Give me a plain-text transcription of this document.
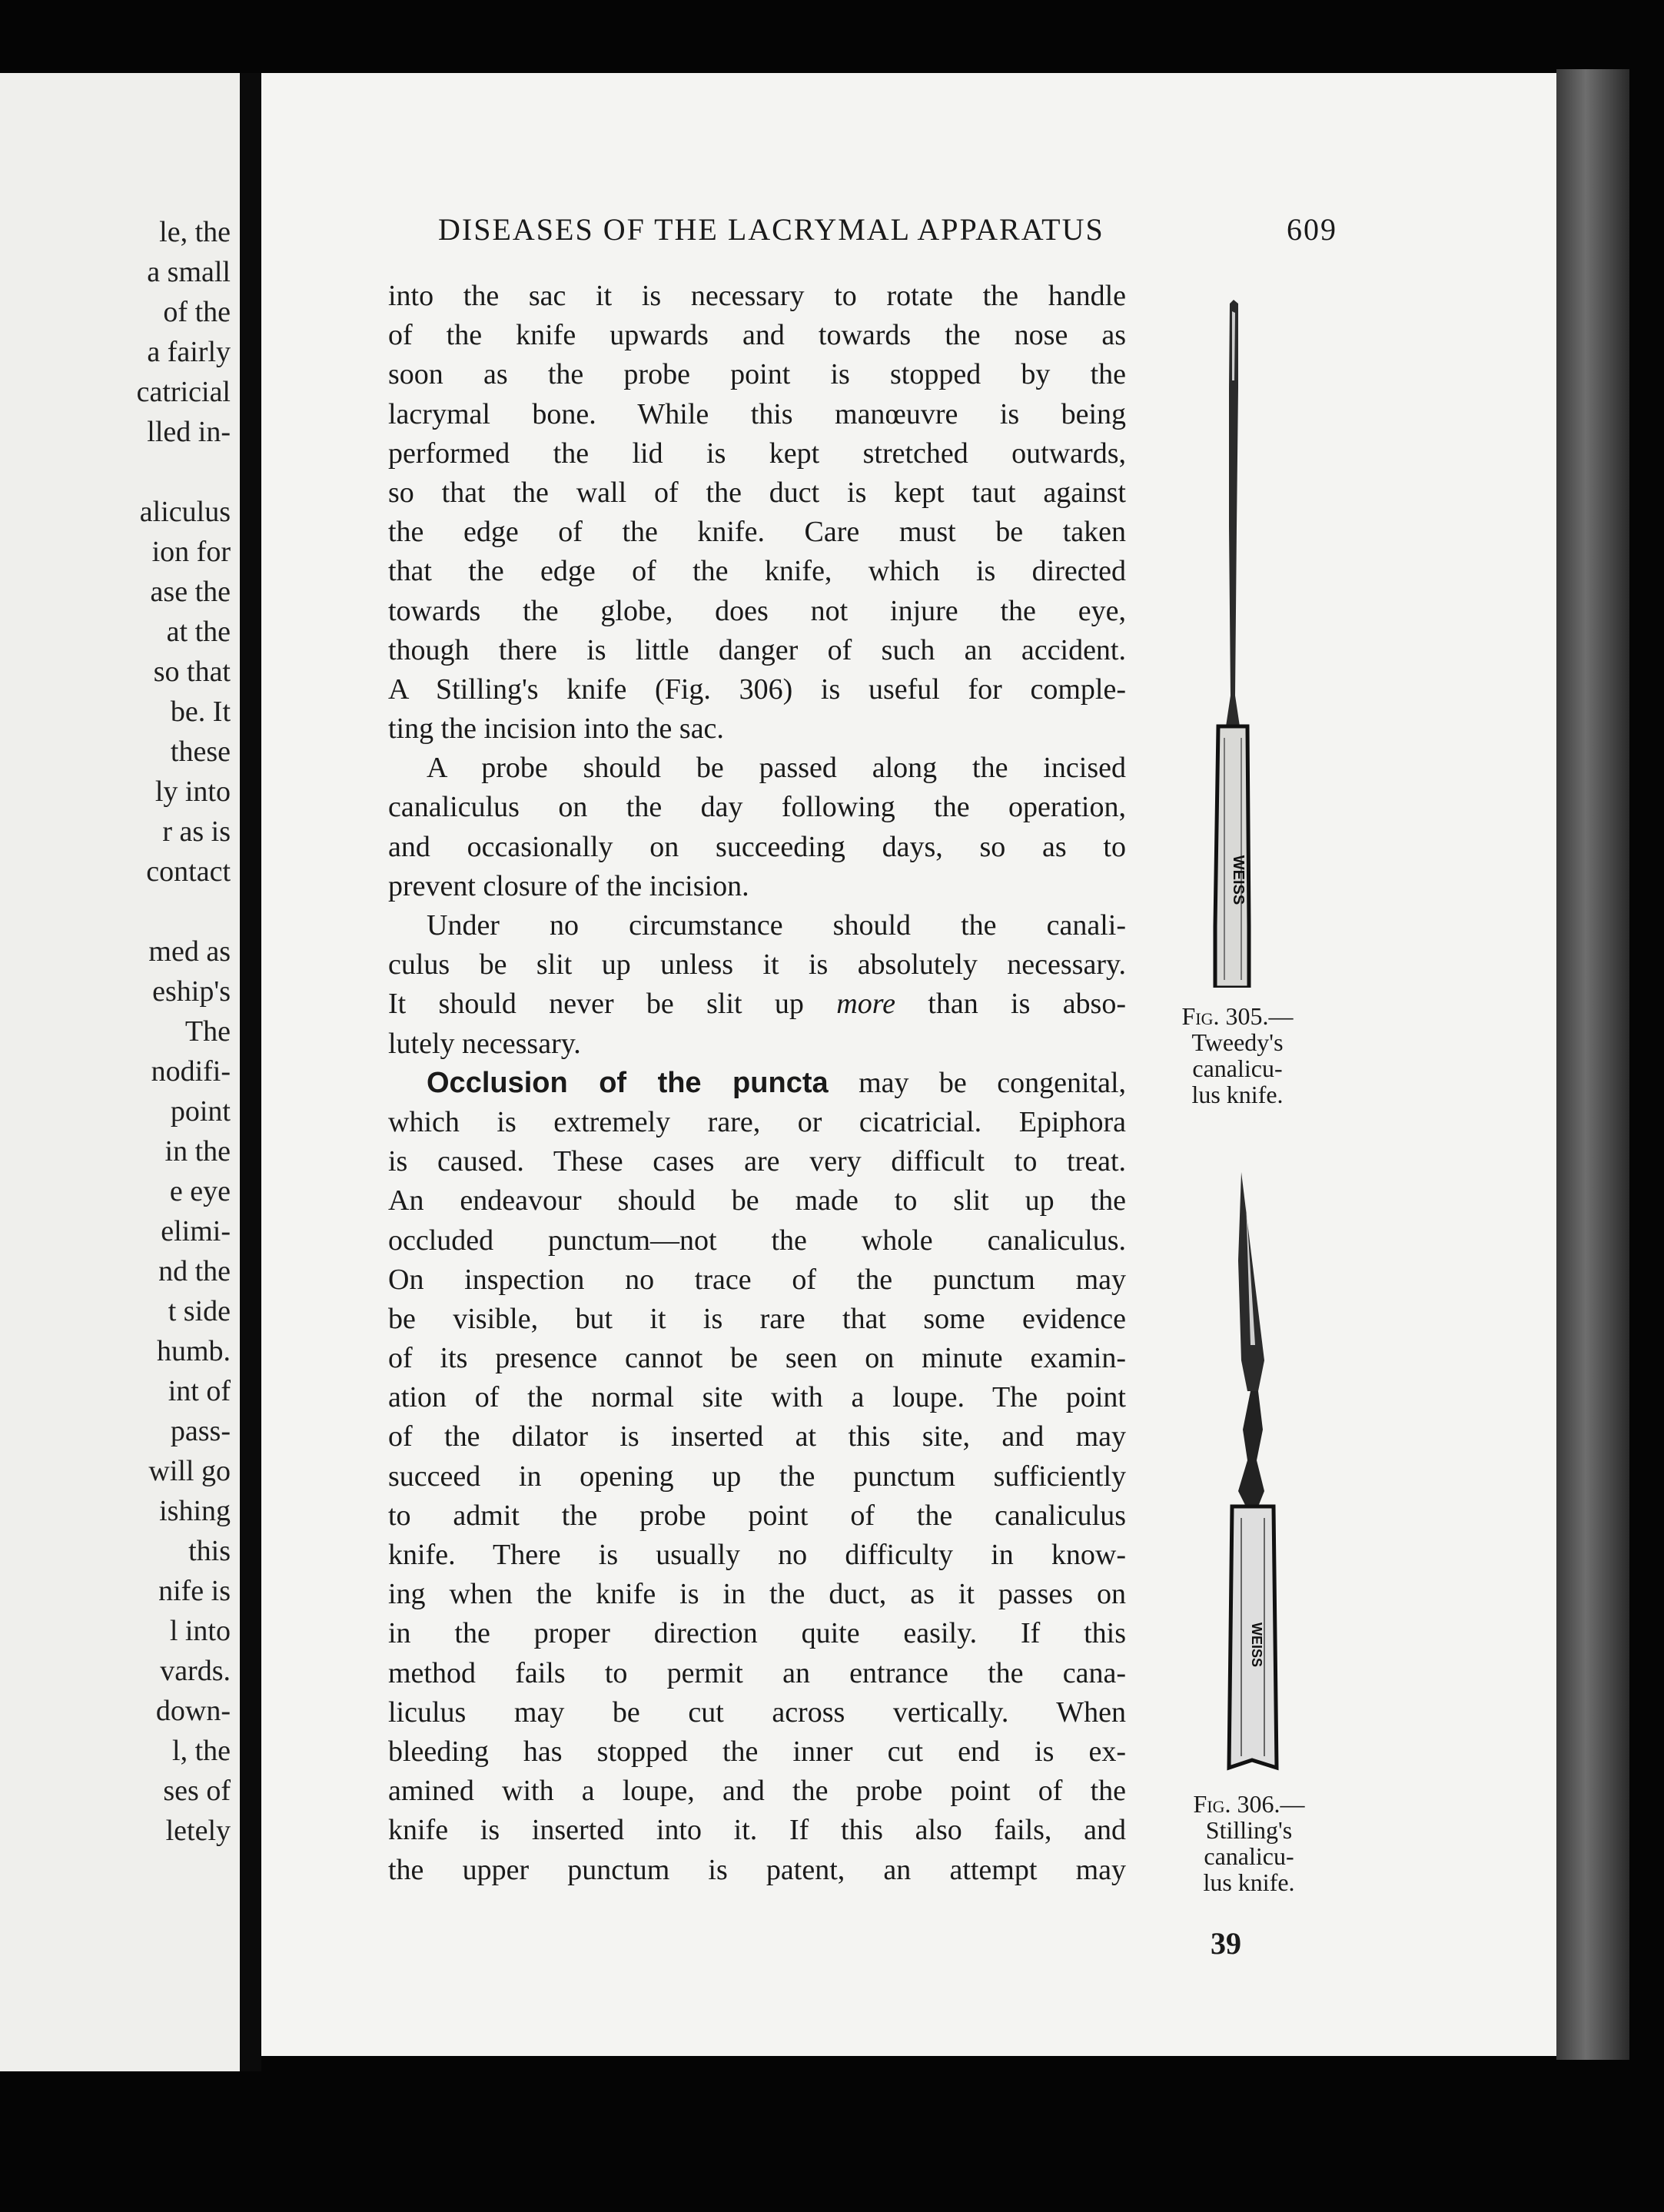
le, the
a small
of the
a fairly
catricial
lled in-
aliculus
ion for
ase the
at the
so that
be. It
these
ly into
r as is
contact
med as
eship's
The
nodifi-
point
in the
e eye
elimi-
nd the
t side
humb.
int of
pass-
will go
ishing
this
nife is
l into
vards.
down-
l, the
ses of
letely
DISEASES OF THE LACRYMAL APPARATUS	609
into the sac it is necessary to rotate the handle
of the knife upwards and towards the nose as
soon as the probe point is stopped by the
lacrymal bone. While this manœuvre is being
performed the lid is kept stretched outwards,
so that the wall of the duct is kept taut against
the edge of the knife. Care must be taken
that the edge of the knife, which is directed
towards the globe, does not injure the eye,
though there is little danger of such an accident.
A Stilling's knife (Fig. 306) is useful for comple-
ting the incision into the sac.
A probe should be passed along the incised
canaliculus on the day following the operation,
and occasionally on succeeding days, so as to
prevent closure of the incision.
Under no circumstance should the canali-
culus be slit up unless it is absolutely necessary.
It should never be slit up more than is abso-
lutely necessary.
Occlusion of the puncta may be congenital,
which is extremely rare, or cicatricial. Epiphora
is caused. These cases are very difficult to treat.
An endeavour should be made to slit up the
occluded punctum—not the whole canaliculus.
On inspection no trace of the punctum may
be visible, but it is rare that some evidence
of its presence cannot be seen on minute examin-
ation of the normal site with a loupe. The point
of the dilator is inserted at this site, and may
succeed in opening up the punctum sufficiently
to admit the probe point of the canaliculus
knife. There is usually no difficulty in know-
ing when the knife is in the duct, as it passes on
in the proper direction quite easily. If this
method fails to permit an entrance the cana-
liculus may be cut across vertically. When
bleeding has stopped the inner cut end is ex-
amined with a loupe, and the probe point of the
knife is inserted into it. If this also fails, and
the upper punctum is patent, an attempt may
WEISS
Fig. 305.—
Tweedy's
canalicu-
lus knife.
WEISS
Fig. 306.—
Stilling's
canalicu-
lus knife.
39
